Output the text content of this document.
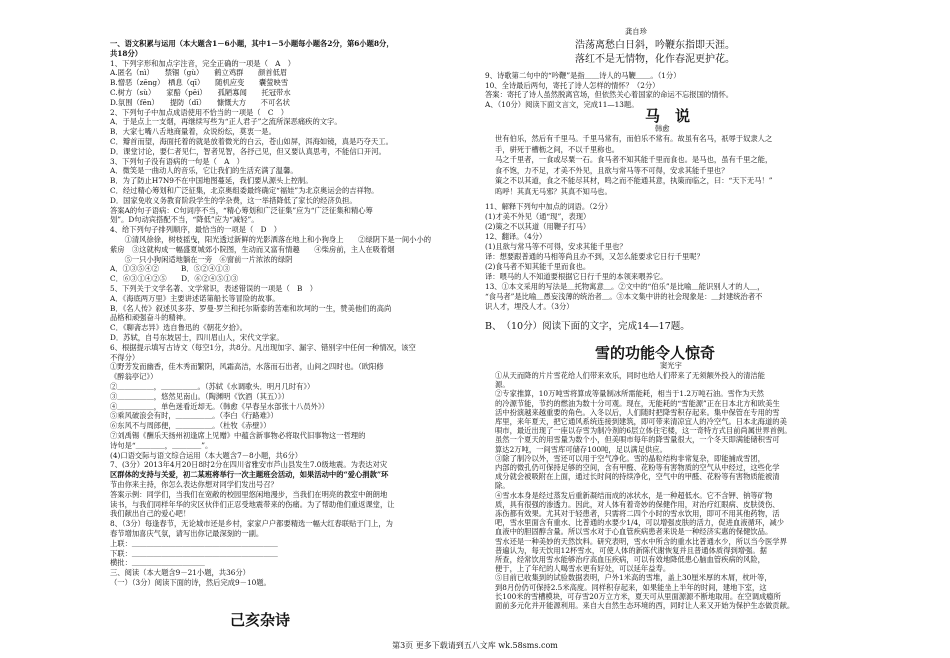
一、语文积累与运用（本大题含1－6小题，其中1－5小题每小题各2分，第6小题8分，
共18分）
1、下列字形和加点字注音，完全正确的一项是（　A　）
A.匿名（nì）　　禁锢（gù）　　鹤立鸡群　　颜首低眉
B.憎恶（zēng）　栖息（qī）　　随机应变　　囊萤映雪
C.树方（sù）　　家醅（pēi）　　孤陋寡闻　　托冠带水
D.氛围（fēn）　　提防（dī）　　慷慨大方　　不可名状
2、下列句子中加点成语使用不恰当的一项是（　C　）
A．于是点上一支烟，再继续写些为“正人君子”之流所深恶痛疾的文字。
B．大家七嘴八舌地商量着，众说纷纭，莫衷一是。
C．瓣首而望，海面托着的就是放着微光的白云，苍山如屏，洱海如镜，真是巧夺天工。
D．课堂讨论，要仁者见仁，智者见智，各抒己见，但又要认真思考，不能信口开河。
3、下列句子没有语病的一句是（　A　）
A．微笑是一曲动人的音乐，它让我们的生活充满了温馨。
B．为了防止H7N9不在中国地图蔓延，我们要从源头上控制。
C．经过精心筹划和广泛征集，北京奥组委最终确定“福娃”为北京奥运会的吉祥物。
D．国家免收义务教育阶段学生的学杂费，这一举措降低了家长的经济负担。
答案A的句子语病：C句词序不当，“精心筹划和广泛征集”应为“广泛征集和精心筹
划”。D句动宾搭配不当，“降低”应为“减轻”。
4、给下列句子排列顺序，最恰当的一项是（　D　）
　　①清风徐徐，树枝摇曳，阳光透过新鲜的光影洒落在地上和小狗身上　　②绿阴下是一间小小的
紫房　③这就构成一幅盛夏城郊小院图，生动而又富有情趣　　④柴房前，主人在吸着烟
　　⑤一只小狗闲适地躺在一旁　⑥窗前一片浓浓的绿阴
A．①③⑤④②　　　B．⑤②④①③
C．⑥③①④②⑤　　D．⑥②④⑤①③
5、下列关于文学名著、文学常识，表述错误的一项是（　B　）
A．《海底两万里》主要讲述诺第船长等冒险的故事。
B．《名人传》叙述贝多芬、罗曼·罗兰和托尔斯泰的苦难和坎坷的一生，赞美他们的高尚
品格和顽强奋斗的精神。
C．《聊斋志异》选自鲁迅的《朝花夕拾》。
D．苏轼，自号东坡居士，四川眉山人，宋代文学家。
6、根据提示填写古诗文（每空1分，共8分。凡出现加字、漏字、错别字中任何一种情况，该空
不得分）
①野芳发而幽香，佳木秀而繁阴，风霜高洁，水落而石出者，山间之四时也。（欧阳修
《醉翁亭记》）
②＿＿＿＿＿，＿＿＿＿＿。（苏轼《水调歌头．明月几时有》）
③＿＿＿＿＿，悠然见南山。（陶渊明《饮酒（其五）》）
④＿＿＿＿＿，单色迷看近却无。（韩愈《早春呈水部张十八员外》）
⑤乘风破浪会有时，＿＿＿＿＿。（李白《行路难》）
⑥东风不与周郎便，＿＿＿＿＿。（杜牧《赤壁》）
⑦刘禹锡《酬乐天扬州初逢席上见赠》中蕴含新事物必将取代旧事物这一哲理的
诗句是“＿＿＿＿，＿＿＿＿”。
(4)口语交际与语文综合运用（本大题含7－8小题，共6分）
7、(3分）2013年4月20日8时2分在四川省雅安市芦山县发生7.0级地震。为表达对灾
区群体的支持与关爱，初二某班将举行一次主题班会活动，如果活动中的“爱心捐款”环
节由你来主持，你怎么表达你想对同学们发出号召？
答案示例：同学们，当我们在宽敞的校园里悠闲地漫步，当我们在明亮的教室中朗朗地
读书，与我们同样年华的灾区伙伴们正忍受地震带来的伤痛。为了帮助他们重返课堂，让
我们献出自己的爱心吧！
8、（3分）每逢春节，无论城市还是乡村，家家户户都要精选一幅大红春联贴于门上，为
春节增加喜庆气氛，请写出你记最深刻的一副。
上联：＿＿＿＿＿＿＿＿＿＿＿＿＿＿＿＿＿＿＿＿
下联：＿＿＿＿＿＿＿＿＿＿＿＿＿＿＿＿＿＿＿＿
横批：＿＿＿＿＿＿＿＿＿＿
三、阅读（本大题含9－21小题，共36分）
（一）（3分）阅读下面的诗，然后完成9－10题。
己亥杂诗
龚自珍
浩荡离愁白日斜，吟鞭东指即天涯。
落红不是无情物，化作春泥更护花。
马　说
韩愈
雪的功能令人惊奇
窦光宇
9、诗歌第二句中的“吟鞭”是指＿＿诗人的马鞭＿＿。（1分）
10、全诗最后两句，寄托了诗人怎样的情怀？（2分）
答案：寄托了诗人虽然脱离官场，但依然关心着国家的命运不忘报国的情怀。
A、（10分）阅读下面文言文，完成11—13题。
世有伯乐，然后有千里马。千里马常有，而伯乐不常有。故虽有名马，祇辱于奴隶人之
手，骈死于槽枥之间，不以千里称也。
马之千里者，一食或尽粟一石。食马者不知其能千里而食也。是马也，虽有千里之能，
食不饱，力不足，才美不外见，且欲与常马等不可得，安求其能千里也？
策之不以其道，食之不能尽其材，鸣之而不能通其意，执策而临之，曰：“天下无马！”
呜呼！其真无马邪？其真不知马也。
11、解释下列句中加点的词语。（2分）
(1)才美不外见（通“现”，表现）
(2)策之不以其道（用鞭子打马）
12、翻译。（4分）
(1)且欲与常马等不可得，安求其能千里也？
译：想要跟普通的马相等尚且办不到，又怎么能要求它日行千里呢？
(2)食马者不知其能千里而食也。
译：喂马的人不知道要根据它日行千里的本领来喂养它。
13、①本文采用的写法是＿托物寓意＿。②文中的“伯乐”是比喻＿能识别人才的人＿，
“食马者”是比喻＿愚妄浅薄的统治者＿。③本文集中讲的社会现象是：＿封建统治者不
识人才，埋没人才。（3分）
B、　（10分）阅读下面的文字，完成14—17题。
①从天而降的片片雪花给人们带来欢乐，同时也给人们带来了无须额外投入的清洁能
源。
②专家推算，10万吨雪将算成等量制冰所需能耗，相当于1.2万吨石油。雪作为天然
的冷源节能，节约的燃油为数十分可观。现在，无能耗的“雪能源”正在日本北方和欧美生
活中扮演越来越重要的角色。入冬以后，人们随时把降雪积存起来。集中保管在专用的雪
库里，来年夏天，把它通风系统连接到建筑，即可带来清凉宜人的冷空气。日本北海道的美
唄市，最近出现了一座以存雪为制冷剂的6层立体住宅楼，这一奇特方式目前尚属世界首例。
虽然一个夏天的用雪量为数个小，但美唄市每年的降雪量很大，一个冬天即满能储积雪可
算达2万吨，一间雪库可储存100吨，足以满足供应。
③除了制冷以外，雪还可以用于空气净化。雪的晶粒结构非常复杂，即能捕成雪团，
内部的微孔仍可保持足够的空间，含有甲醛、花粉等有害物质的空气从中经过，这些化学
成分就会被吸附在上面，通过长时间的持续净化，空气中的甲醛、花粉等有害物质能被清
除。
④雪水本身是经过蒸发后重新凝结而成的冰状水，是一种超低水。它不含钾、钠等矿物
质，具有很强的渗透力。因此，对人体有着奇妙的保健作用，对治疗红眼病、皮肤烫伤、
冻伤都有效果。尤其对于轻患者，只需将二四个小时的雪水饮用，即可不用其他药物，活
吧，雪水里面含有重水、比普通的水要少1/4，可以增强皮肤的活力，促进血液循环，减少
血液中的胆固醇含量。所以雪水对于心血管疾病患者来说是一种经济实惠的保健饮品。
雪水还是一种美妙的天然饮料。研究表明，雪水中所含的重水比普通水少，所以当今医学界
普遍认为，每天饮用12杯雪水，可使人体的新陈代谢恢复并且普通体质得到增强。据
所查，经常饮用雪水能够治疗高血压疾病，可以有效地降低患心脑血管疾病的风险，
便于，上了年纪的人喝雪水更有好处，可以延年益寿。
⑤目前已收集到的试验数据表明，户外1米高的雪堆，盖上30厘米厚的木屑，枕叶等，
到8月份仍可保持2.5米高度。同样积存起来，如果能坐上半年的时间，建地下室，这
长100米的雪槽模块，可存雪20万立方米，夏天可从里面源源不断地取用。在空调成瘾所
面前多元化并开能源利用。来自大自然生态环境的西，同时让人来又开始为保护生态做贡献。
第3页 更多下载请到五八文库 wk.58sms.com
